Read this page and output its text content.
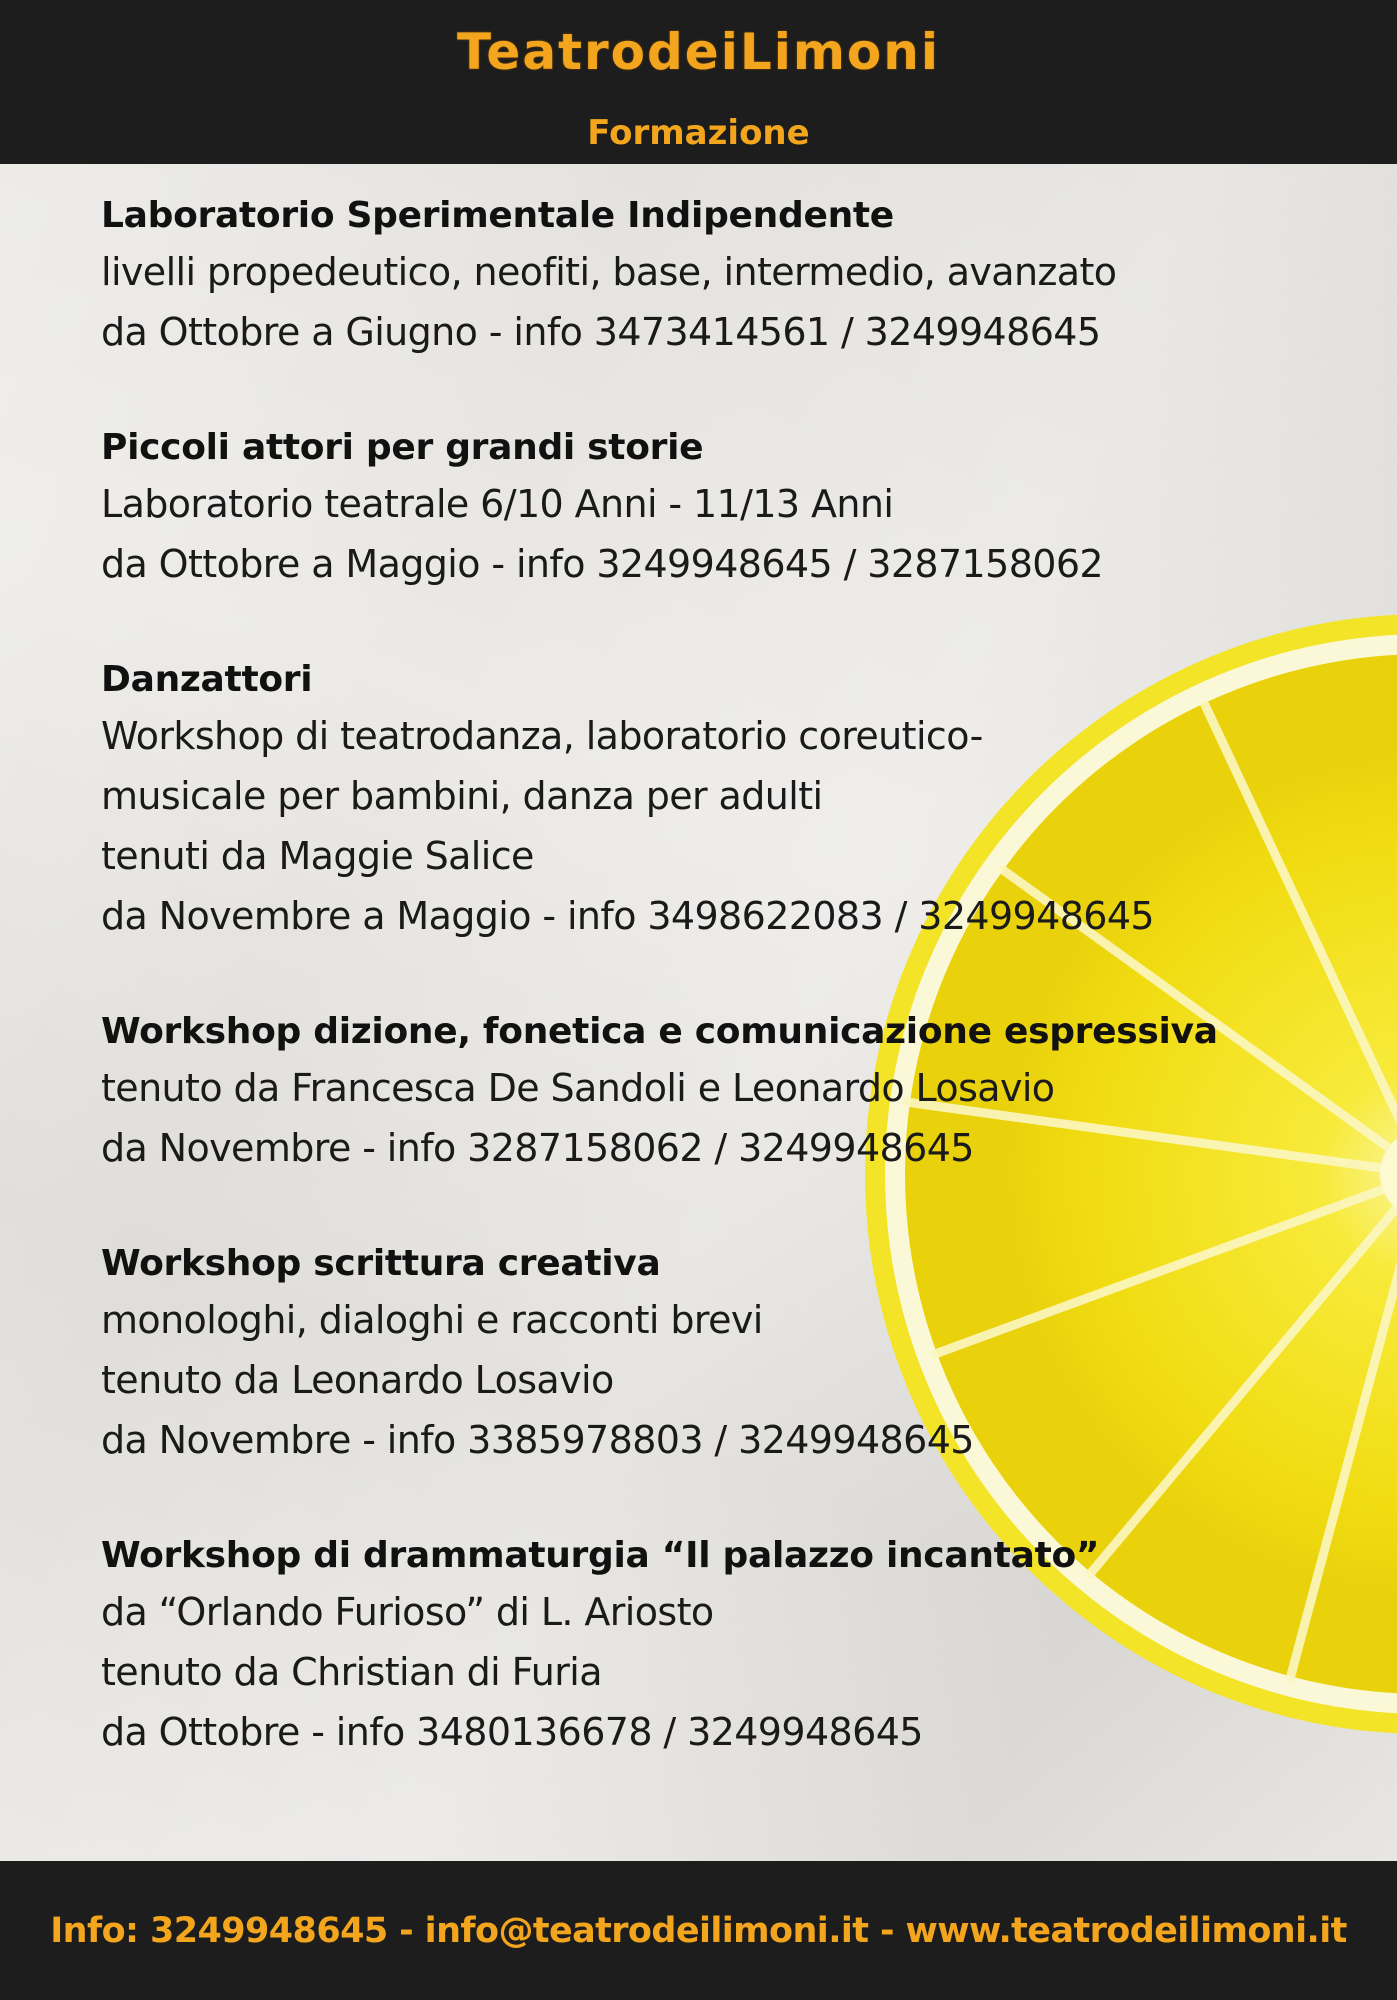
TeatrodeiLimoni
Formazione
Laboratorio Sperimentale Indipendente

livelli propedeutico, neofiti, base, intermedio, avanzato

da Ottobre a Giugno - info 3473414561 / 3249948645

Piccoli attori per grandi storie

Laboratorio teatrale 6/10 Anni - 11/13 Anni

da Ottobre a Maggio - info 3249948645 / 3287158062

Danzattori

Workshop di teatrodanza, laboratorio coreutico-

musicale per bambini, danza per adulti

tenuti da Maggie Salice

da Novembre a Maggio - info 3498622083 / 3249948645

Workshop dizione, fonetica e comunicazione espressiva

tenuto da Francesca De Sandoli e Leonardo Losavio

da Novembre - info 3287158062 / 3249948645

Workshop scrittura creativa

monologhi, dialoghi e racconti brevi

tenuto da Leonardo Losavio

da Novembre - info 3385978803 / 3249948645

Workshop di drammaturgia “Il palazzo incantato”

da “Orlando Furioso” di L. Ariosto

tenuto da Christian di Furia

da Ottobre - info 3480136678 / 3249948645

Info: 3249948645 - info@teatrodeilimoni.it - www.teatrodeilimoni.it
